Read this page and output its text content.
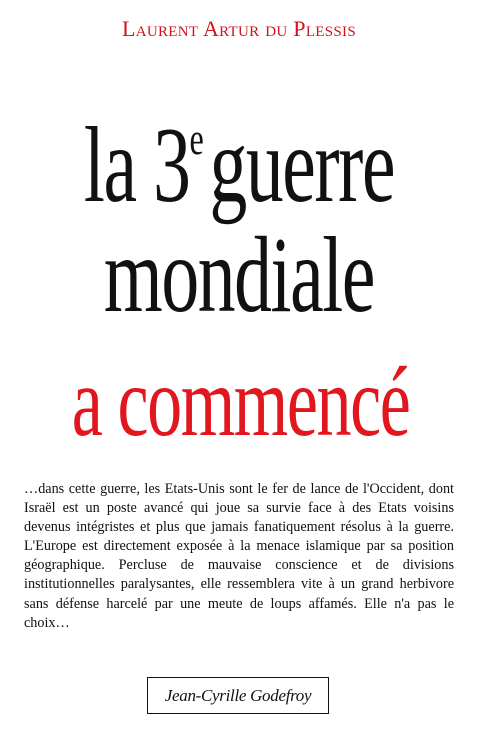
Laurent Artur du Plessis
la 3eguerre
mondiale
a commencé
…dans cette guerre, les Etats-Unis sont le fer de lance de l'Occident, dont Israël est un poste avancé qui joue sa survie face à des Etats voisins devenus intégristes et plus que jamais fanatiquement résolus à la guerre. L'Europe est directement exposée à la menace islamique par sa position géographique. Percluse de mauvaise conscience et de divisions institutionnelles paralysantes, elle ressemblera vite à un grand herbivore sans défense harcelé par une meute de loups affamés. Elle n'a pas le choix…
Jean-Cyrille Godefroy
